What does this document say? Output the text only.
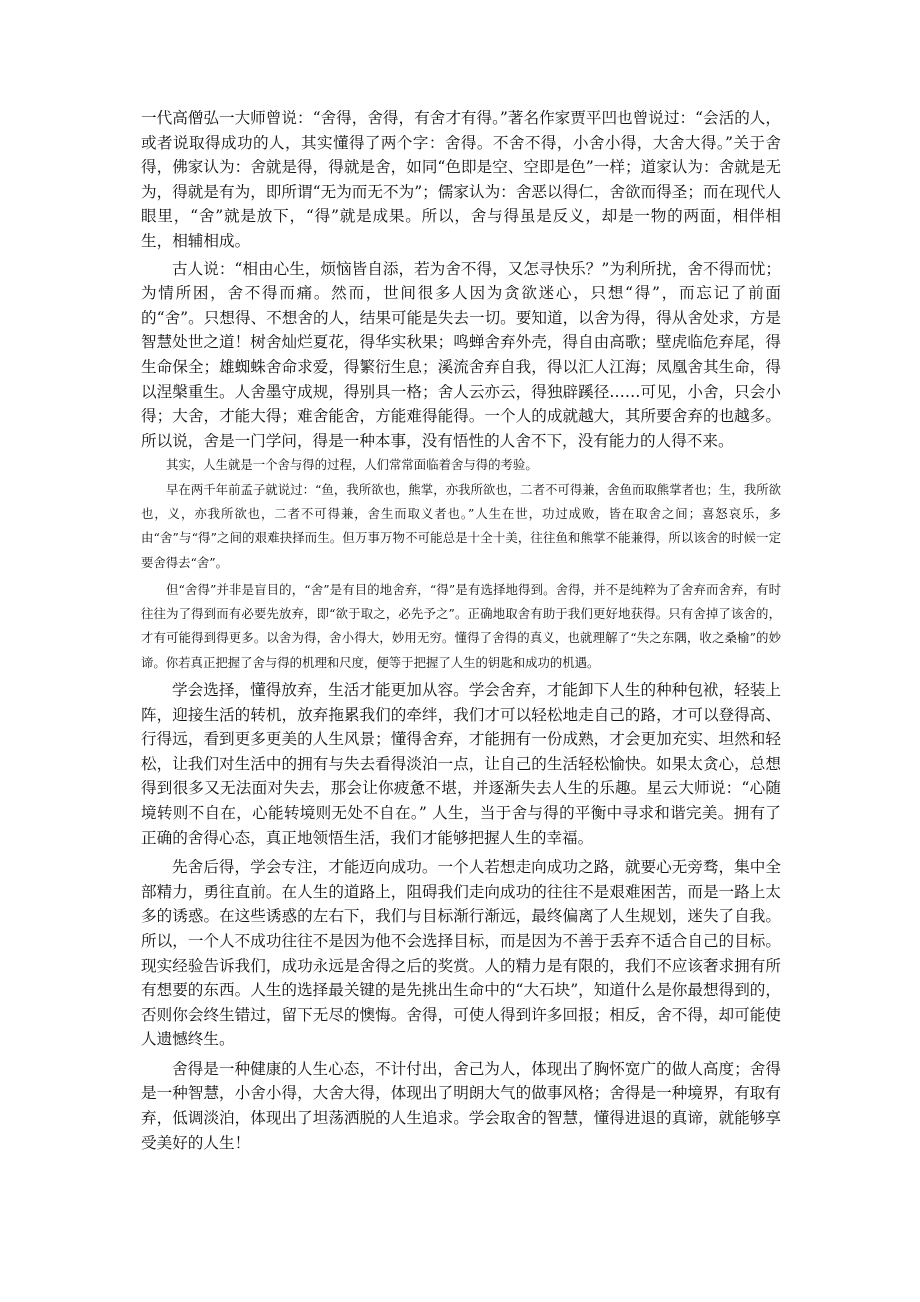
一代高僧弘一大师曾说：“舍得，舍得，有舍才有得。”著名作家贾平凹也曾说过：“会活的人，或者说取得成功的人，其实懂得了两个字：舍得。不舍不得，小舍小得，大舍大得。”关于舍得，佛家认为：舍就是得，得就是舍，如同“色即是空、空即是色”一样；道家认为：舍就是无为，得就是有为，即所谓“无为而无不为”；儒家认为：舍恶以得仁，舍欲而得圣；而在现代人眼里，“舍”就是放下，“得”就是成果。所以，舍与得虽是反义，却是一物的两面，相伴相生，相辅相成。

古人说：“相由心生，烦恼皆自添，若为舍不得，又怎寻快乐？”为利所扰，舍不得而忧；为情所困，舍不得而痛。然而，世间很多人因为贪欲迷心，只想“得”，而忘记了前面的“舍”。只想得、不想舍的人，结果可能是失去一切。要知道，以舍为得，得从舍处求，方是智慧处世之道！树舍灿烂夏花，得华实秋果；鸣蝉舍弃外壳，得自由高歌；壁虎临危弃尾，得生命保全；雄蜘蛛舍命求爱，得繁衍生息；溪流舍弃自我，得以汇人江海；凤凰舍其生命，得以涅槃重生。人舍墨守成规，得别具一格；舍人云亦云，得独辟蹊径……可见，小舍，只会小得；大舍，才能大得；难舍能舍，方能难得能得。一个人的成就越大，其所要舍弃的也越多。所以说，舍是一门学问，得是一种本事，没有悟性的人舍不下，没有能力的人得不来。

其实，人生就是一个舍与得的过程，人们常常面临着舍与得的考验。

早在两千年前孟子就说过：“鱼，我所欲也，熊掌，亦我所欲也，二者不可得兼，舍鱼而取熊掌者也；生，我所欲也，义，亦我所欲也，二者不可得兼，舍生而取义者也。”人生在世，功过成败，皆在取舍之间；喜怒哀乐，多由“舍”与“得”之间的艰难抉择而生。但万事万物不可能总是十全十美，往往鱼和熊掌不能兼得，所以该舍的时候一定要舍得去“舍”。

但“舍得”并非是盲目的，“舍”是有目的地舍弃，“得”是有选择地得到。舍得，并不是纯粹为了舍弃而舍弃，有时往往为了得到而有必要先放弃，即“欲于取之，必先予之”。正确地取舍有助于我们更好地获得。只有舍掉了该舍的，才有可能得到得更多。以舍为得，舍小得大，妙用无穷。懂得了舍得的真义，也就理解了“失之东隅，收之桑榆”的妙谛。你若真正把握了舍与得的机理和尺度，便等于把握了人生的钥匙和成功的机遇。

学会选择，懂得放弃，生活才能更加从容。学会舍弃，才能卸下人生的种种包袱，轻装上阵，迎接生活的转机，放弃拖累我们的牵绊，我们才可以轻松地走自己的路，才可以登得高、行得远，看到更多更美的人生风景；懂得舍弃，才能拥有一份成熟，才会更加充实、坦然和轻松，让我们对生活中的拥有与失去看得淡泊一点，让自己的生活轻松愉快。如果太贪心，总想得到很多又无法面对失去，那会让你疲惫不堪，并逐渐失去人生的乐趣。星云大师说：“心随境转则不自在，心能转境则无处不自在。” 人生，当于舍与得的平衡中寻求和谐完美。拥有了正确的舍得心态，真正地领悟生活，我们才能够把握人生的幸福。

先舍后得，学会专注，才能迈向成功。一个人若想走向成功之路，就要心无旁骛，集中全部精力，勇往直前。在人生的道路上，阻碍我们走向成功的往往不是艰难困苦，而是一路上太多的诱惑。在这些诱惑的左右下，我们与目标渐行渐远，最终偏离了人生规划，迷失了自我。所以，一个人不成功往往不是因为他不会选择目标，而是因为不善于丢弃不适合自己的目标。现实经验告诉我们，成功永远是舍得之后的奖赏。人的精力是有限的，我们不应该奢求拥有所有想要的东西。人生的选择最关键的是先挑出生命中的“大石块”，知道什么是你最想得到的，否则你会终生错过，留下无尽的懊悔。舍得，可使人得到许多回报；相反，舍不得，却可能使人遗憾终生。

舍得是一种健康的人生心态，不计付出，舍己为人，体现出了胸怀宽广的做人高度；舍得是一种智慧，小舍小得，大舍大得，体现出了明朗大气的做事风格；舍得是一种境界，有取有弃，低调淡泊，体现出了坦荡洒脱的人生追求。学会取舍的智慧，懂得进退的真谛，就能够享受美好的人生！
